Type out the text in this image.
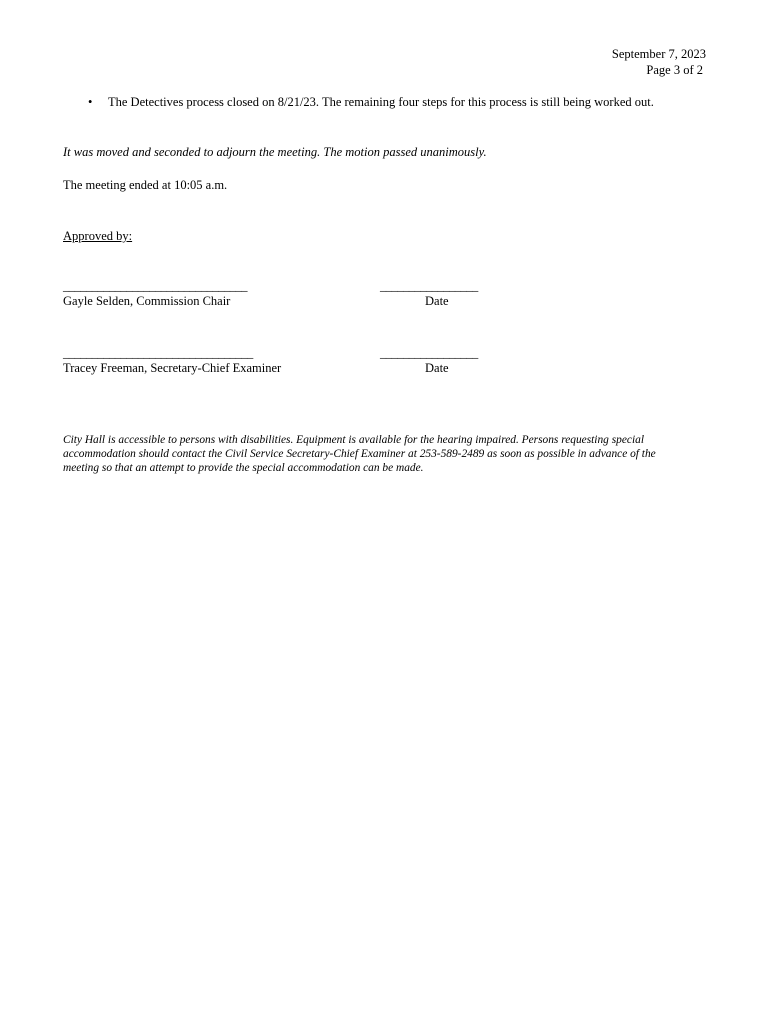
September 7, 2023
Page 3 of 2
• The Detectives process closed on 8/21/23. The remaining four steps for this process is still being worked out.
It was moved and seconded to adjourn the meeting. The motion passed unanimously.
The meeting ended at 10:05 a.m.
Approved by:
________________________________
Gayle Selden, Commission Chair
_________________
Date
_________________________________
Tracey Freeman, Secretary-Chief Examiner
_________________
Date
City Hall is accessible to persons with disabilities. Equipment is available for the hearing impaired. Persons requesting special
accommodation should contact the Civil Service Secretary-Chief Examiner at 253-589-2489 as soon as possible in advance of the
meeting so that an attempt to provide the special accommodation can be made.
